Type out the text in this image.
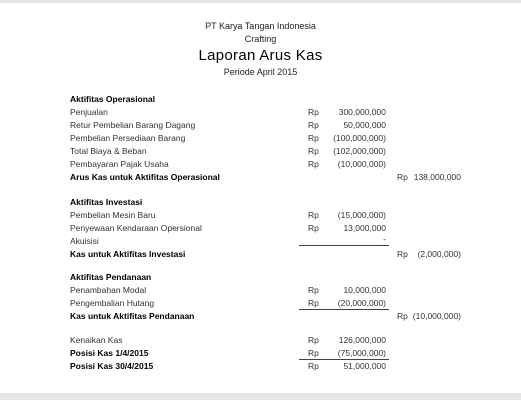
PT Karya Tangan Indonesia
Crafting
Laporan Arus Kas
Periode April 2015
Aktifitas Operasional
Penjualan	Rp	300,000,000
Retur Pembelian Barang Dagang	Rp	50,000,000
Pembelian Persediaan Barang	Rp	(100,000,000)
Total Biaya & Beban	Rp	(102,000,000)
Pembayaran Pajak Usaha	Rp	(10,000,000)
Arus Kas untuk Aktifitas Operasional	Rp 138,000,000
Aktifitas Investasi
Pembelian Mesin Baru	Rp	(15,000,000)
Penyewaan Kendaraan Opersional	Rp	13,000,000
Akuisisi	-
Kas untuk Aktifitas Investasi	Rp	(2,000,000)
Aktifitas Pendanaan
Penambahan Modal	Rp	10,000,000
Pengembalian Hutang	Rp	(20,000,000)
Kas untuk Aktifitas Pendanaan	Rp (10,000,000)
Kenaikan Kas	Rp	126,000,000
Posisi Kas 1/4/2015	Rp	(75,000,000)
Posisi Kas 30/4/2015	Rp	51,000,000
